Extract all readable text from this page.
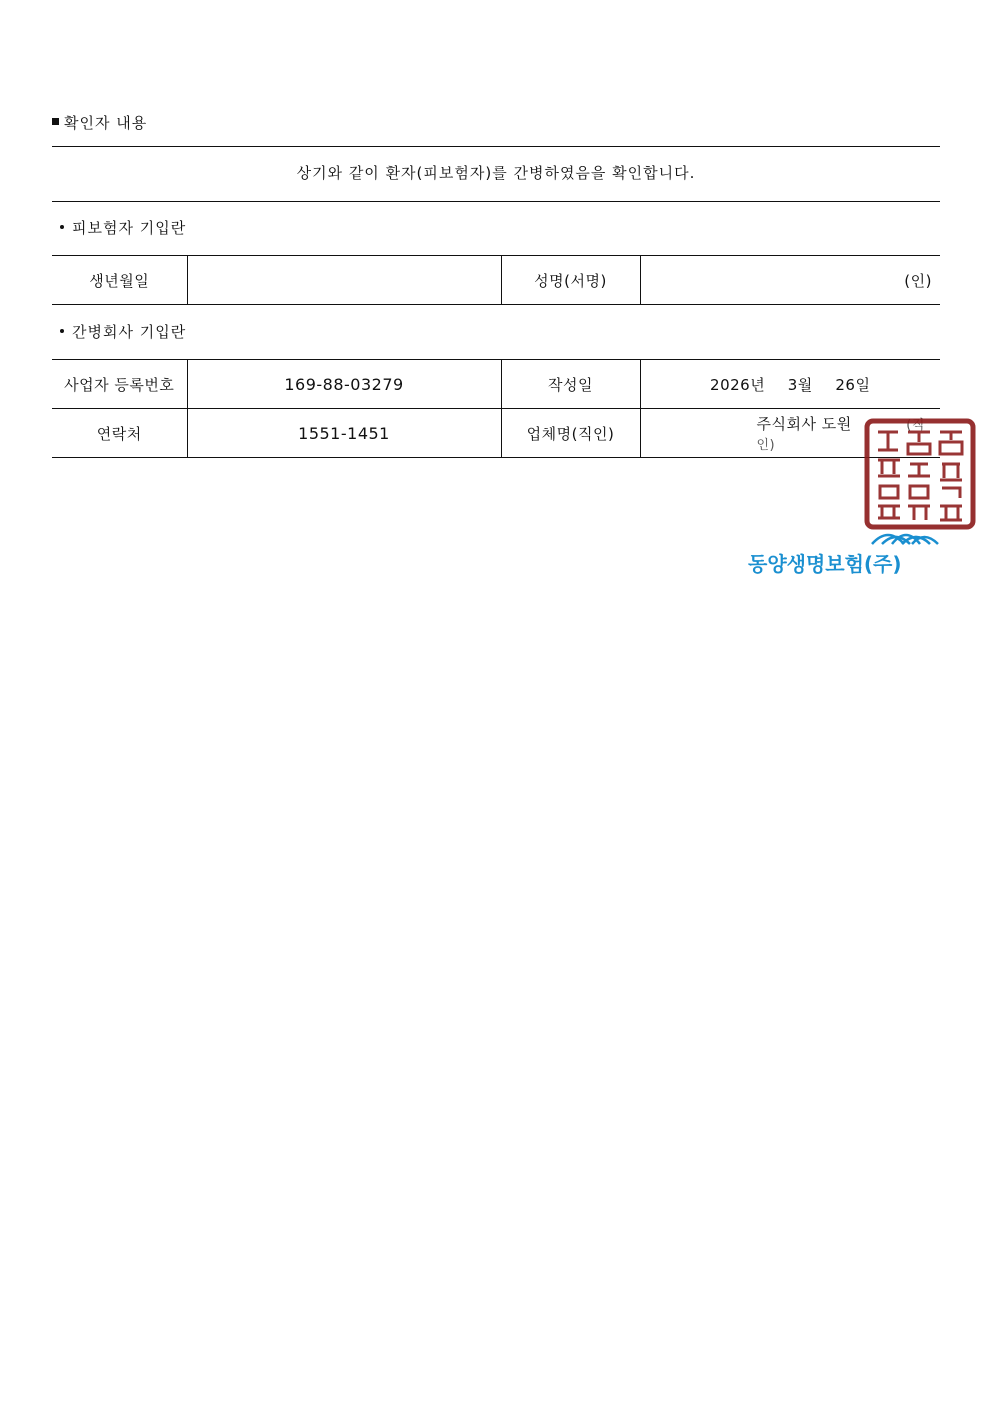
확인자 내용
상기와 같이 환자(피보험자)를 간병하였음을 확인합니다.
피보험자 기입란
생년월일		성명(서명)	(인)
간병회사 기입란
사업자 등록번호	169-88-03279	작성일	2026년 3월 26일
연락처	1551-1451	업체명(직인)	주식회사 도원 (직인)
동양생명보험(주)
